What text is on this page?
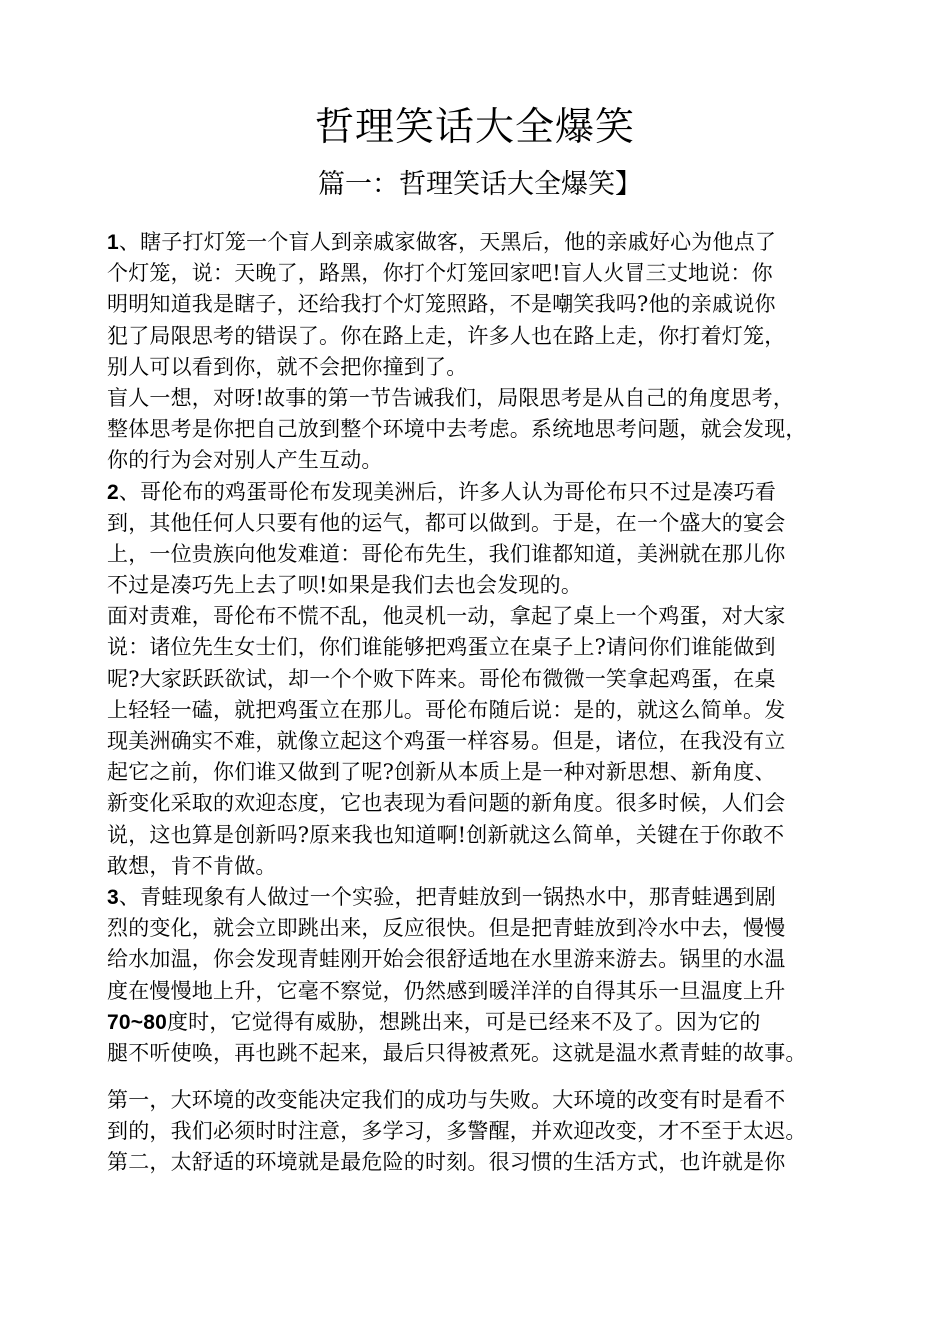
哲理笑话大全爆笑
篇一：哲理笑话大全爆笑】
1、瞎子打灯笼一个盲人到亲戚家做客，天黑后，他的亲戚好心为他点了
个灯笼，说：天晚了，路黑，你打个灯笼回家吧!盲人火冒三丈地说：你
明明知道我是瞎子，还给我打个灯笼照路，不是嘲笑我吗?他的亲戚说你
犯了局限思考的错误了。你在路上走，许多人也在路上走，你打着灯笼，
别人可以看到你，就不会把你撞到了。
盲人一想，对呀!故事的第一节告诫我们，局限思考是从自己的角度思考，
整体思考是你把自己放到整个环境中去考虑。系统地思考问题，就会发现，
你的行为会对别人产生互动。
2、哥伦布的鸡蛋哥伦布发现美洲后，许多人认为哥伦布只不过是凑巧看
到，其他任何人只要有他的运气，都可以做到。于是，在一个盛大的宴会
上，一位贵族向他发难道：哥伦布先生，我们谁都知道，美洲就在那儿你
不过是凑巧先上去了呗!如果是我们去也会发现的。
面对责难，哥伦布不慌不乱，他灵机一动，拿起了桌上一个鸡蛋，对大家
说：诸位先生女士们，你们谁能够把鸡蛋立在桌子上?请问你们谁能做到
呢?大家跃跃欲试，却一个个败下阵来。哥伦布微微一笑拿起鸡蛋，在桌
上轻轻一磕，就把鸡蛋立在那儿。哥伦布随后说：是的，就这么简单。发
现美洲确实不难，就像立起这个鸡蛋一样容易。但是，诸位，在我没有立
起它之前，你们谁又做到了呢?创新从本质上是一种对新思想、新角度、
新变化采取的欢迎态度，它也表现为看问题的新角度。很多时候，人们会
说，这也算是创新吗?原来我也知道啊!创新就这么简单，关键在于你敢不
敢想，肯不肯做。
3、青蛙现象有人做过一个实验，把青蛙放到一锅热水中，那青蛙遇到剧
烈的变化，就会立即跳出来，反应很快。但是把青蛙放到冷水中去，慢慢
给水加温，你会发现青蛙刚开始会很舒适地在水里游来游去。锅里的水温
度在慢慢地上升，它毫不察觉，仍然感到暖洋洋的自得其乐一旦温度上升
70~80度时，它觉得有威胁，想跳出来，可是已经来不及了。因为它的
腿不听使唤，再也跳不起来，最后只得被煮死。这就是温水煮青蛙的故事。
第一，大环境的改变能决定我们的成功与失败。大环境的改变有时是看不
到的，我们必须时时注意，多学习，多警醒，并欢迎改变，才不至于太迟。
第二，太舒适的环境就是最危险的时刻。很习惯的生活方式，也许就是你
